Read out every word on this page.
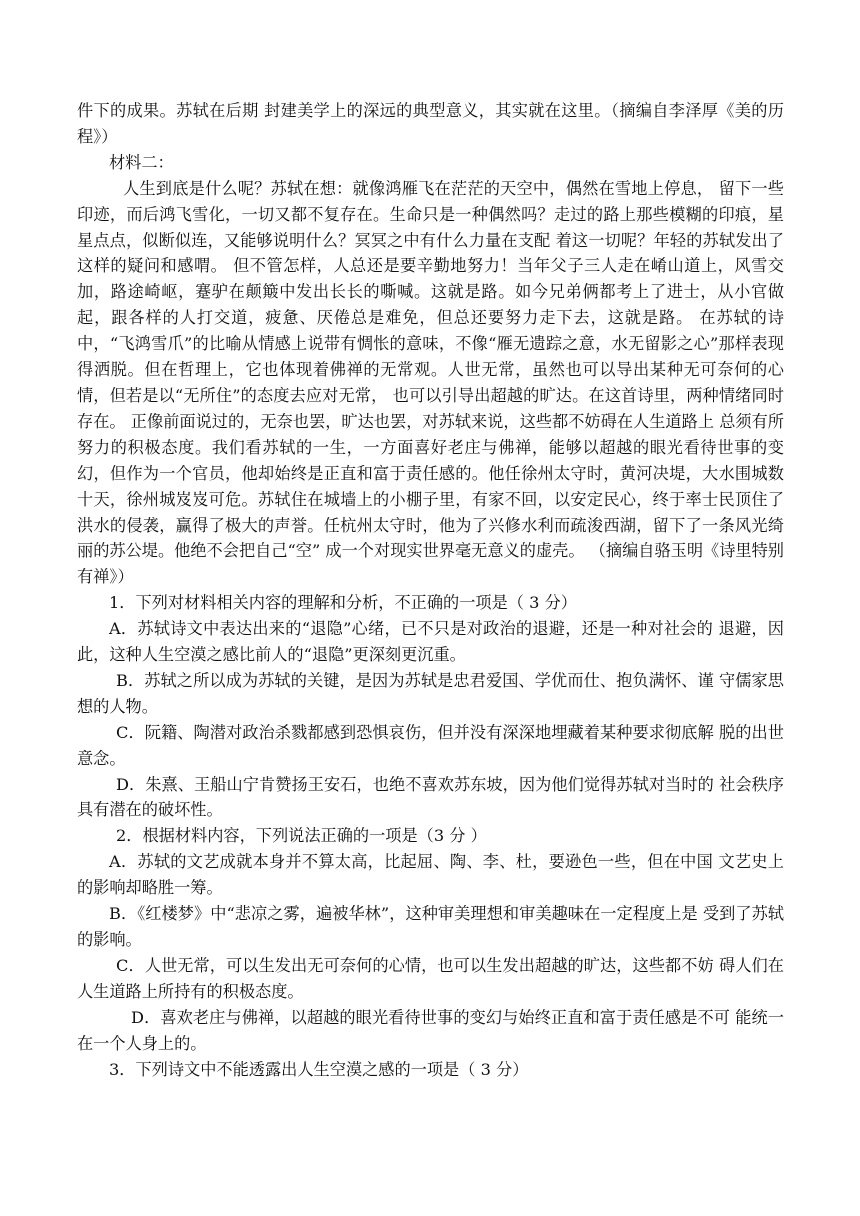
件下的成果。苏轼在后期 封建美学上的深远的典型意义，其实就在这里。（摘编自李泽厚《美的历程》）

材料二：

人生到底是什么呢？苏轼在想：就像鸿雁飞在茫茫的天空中，偶然在雪地上停息， 留下一些印迹，而后鸿飞雪化，一切又都不复存在。生命只是一种偶然吗？走过的路上那些模糊的印痕，星星点点，似断似连，又能够说明什么？冥冥之中有什么力量在支配 着这一切呢？年轻的苏轼发出了这样的疑问和感喟。 但不管怎样，人总还是要辛勤地努力！当年父子三人走在崤山道上，风雪交加，路途崎岖，蹇驴在颠簸中发出长长的嘶喊。这就是路。如今兄弟俩都考上了进士，从小官做起，跟各样的人打交道，疲惫、厌倦总是难免，但总还要努力走下去，这就是路。 在苏轼的诗中，“飞鸿雪爪”的比喻从情感上说带有惆怅的意味，不像“雁无遗踪之意，水无留影之心”那样表现得洒脱。但在哲理上，它也体现着佛禅的无常观。人世无常，虽然也可以导出某种无可奈何的心情，但若是以“无所住”的态度去应对无常， 也可以引导出超越的旷达。在这首诗里，两种情绪同时存在。 正像前面说过的，无奈也罢，旷达也罢，对苏轼来说，这些都不妨碍在人生道路上 总须有所努力的积极态度。我们看苏轼的一生，一方面喜好老庄与佛禅，能够以超越的眼光看待世事的变幻，但作为一个官员，他却始终是正直和富于责任感的。他任徐州太守时，黄河决堤，大水围城数十天，徐州城岌岌可危。苏轼住在城墙上的小棚子里，有家不回，以安定民心，终于率士民顶住了洪水的侵袭，赢得了极大的声誉。任杭州太守时，他为了兴修水利而疏浚西湖，留下了一条风光绮丽的苏公堤。他绝不会把自己“空” 成一个对现实世界毫无意义的虚壳。 （摘编自骆玉明《诗里特别有禅》）

1．下列对材料相关内容的理解和分析，不正确的一项是（ 3 分）

A．苏轼诗文中表达出来的“退隐”心绪，已不只是对政治的退避，还是一种对社会的 退避，因此，这种人生空漠之感比前人的“退隐”更深刻更沉重。

B．苏轼之所以成为苏轼的关键，是因为苏轼是忠君爱国、学优而仕、抱负满怀、谨 守儒家思想的人物。

C．阮籍、陶潜对政治杀戮都感到恐惧哀伤，但并没有深深地埋藏着某种要求彻底解 脱的出世意念。

D．朱熹、王船山宁肯赞扬王安石，也绝不喜欢苏东坡，因为他们觉得苏轼对当时的 社会秩序具有潜在的破坏性。

2．根据材料内容，下列说法正确的一项是（3 分 ）

A．苏轼的文艺成就本身并不算太高，比起屈、陶、李、杜，要逊色一些，但在中国 文艺史上的影响却略胜一筹。

B．《红楼梦》中“悲凉之雾，遍被华林”，这种审美理想和审美趣味在一定程度上是 受到了苏轼的影响。

C．人世无常，可以生发出无可奈何的心情，也可以生发出超越的旷达，这些都不妨 碍人们在人生道路上所持有的积极态度。

D．喜欢老庄与佛禅，以超越的眼光看待世事的变幻与始终正直和富于责任感是不可 能统一在一个人身上的。

3．下列诗文中不能透露出人生空漠之感的一项是（ 3 分）
